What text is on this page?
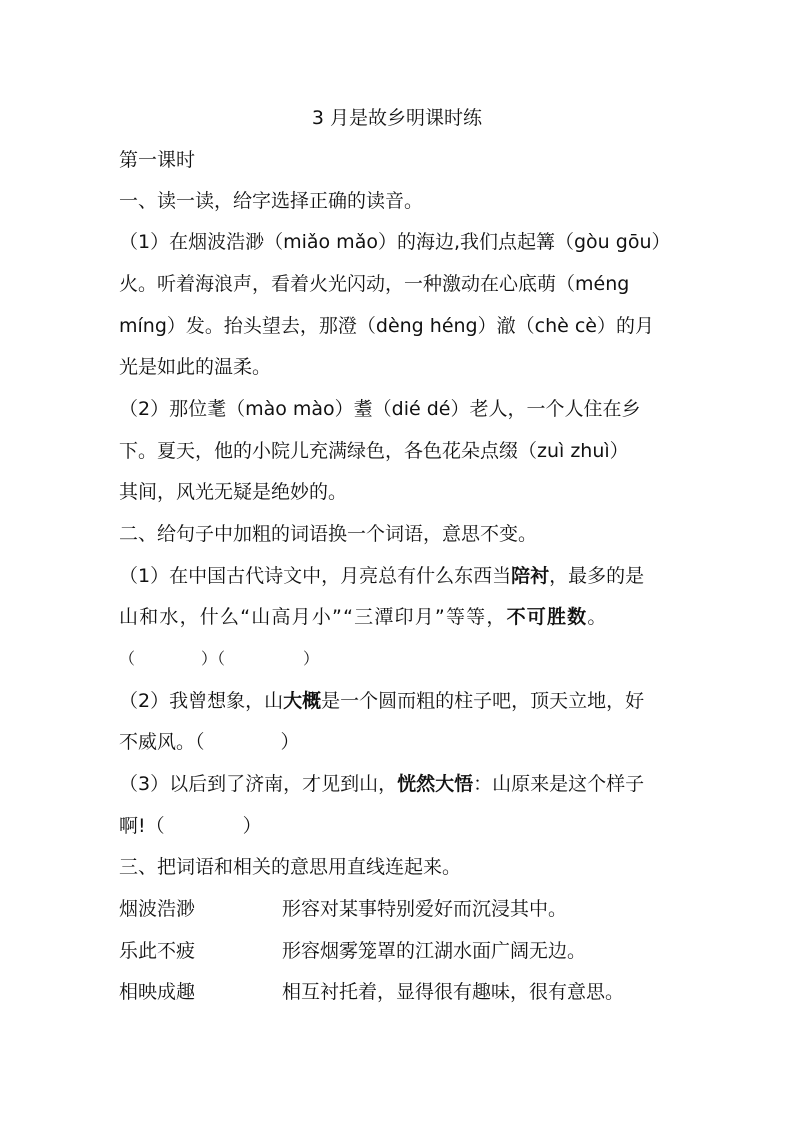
3 月是故乡明课时练
第一课时
一、读一读，给字选择正确的读音。
（1）在烟波浩渺（miǎo mǎo）的海边,我们点起篝（gòu gōu）
火。听着海浪声，看着火光闪动，一种激动在心底萌（méng
míng）发。抬头望去，那澄（dèng héng）澈（chè cè）的月
光是如此的温柔。
（2）那位耄（mào mào）耋（dié dé）老人，一个人住在乡
下。夏天，他的小院儿充满绿色，各色花朵点缀（zuì zhuì）
其间，风光无疑是绝妙的。
二、给句子中加粗的词语换一个词语，意思不变。
（1）在中国古代诗文中，月亮总有什么东西当陪衬，最多的是
山和水，什么“山高月小”“三潭印月”等等，不可胜数。
（	）（	）
（2）我曾想象，山大概是一个圆而粗的柱子吧，顶天立地，好
不威风。（	）
（3）以后到了济南，才见到山，恍然大悟：山原来是这个样子
啊!（	）
三、把词语和相关的意思用直线连起来。
烟波浩渺	形容对某事特别爱好而沉浸其中。
乐此不疲	形容烟雾笼罩的江湖水面广阔无边。
相映成趣	相互衬托着，显得很有趣味，很有意思。
